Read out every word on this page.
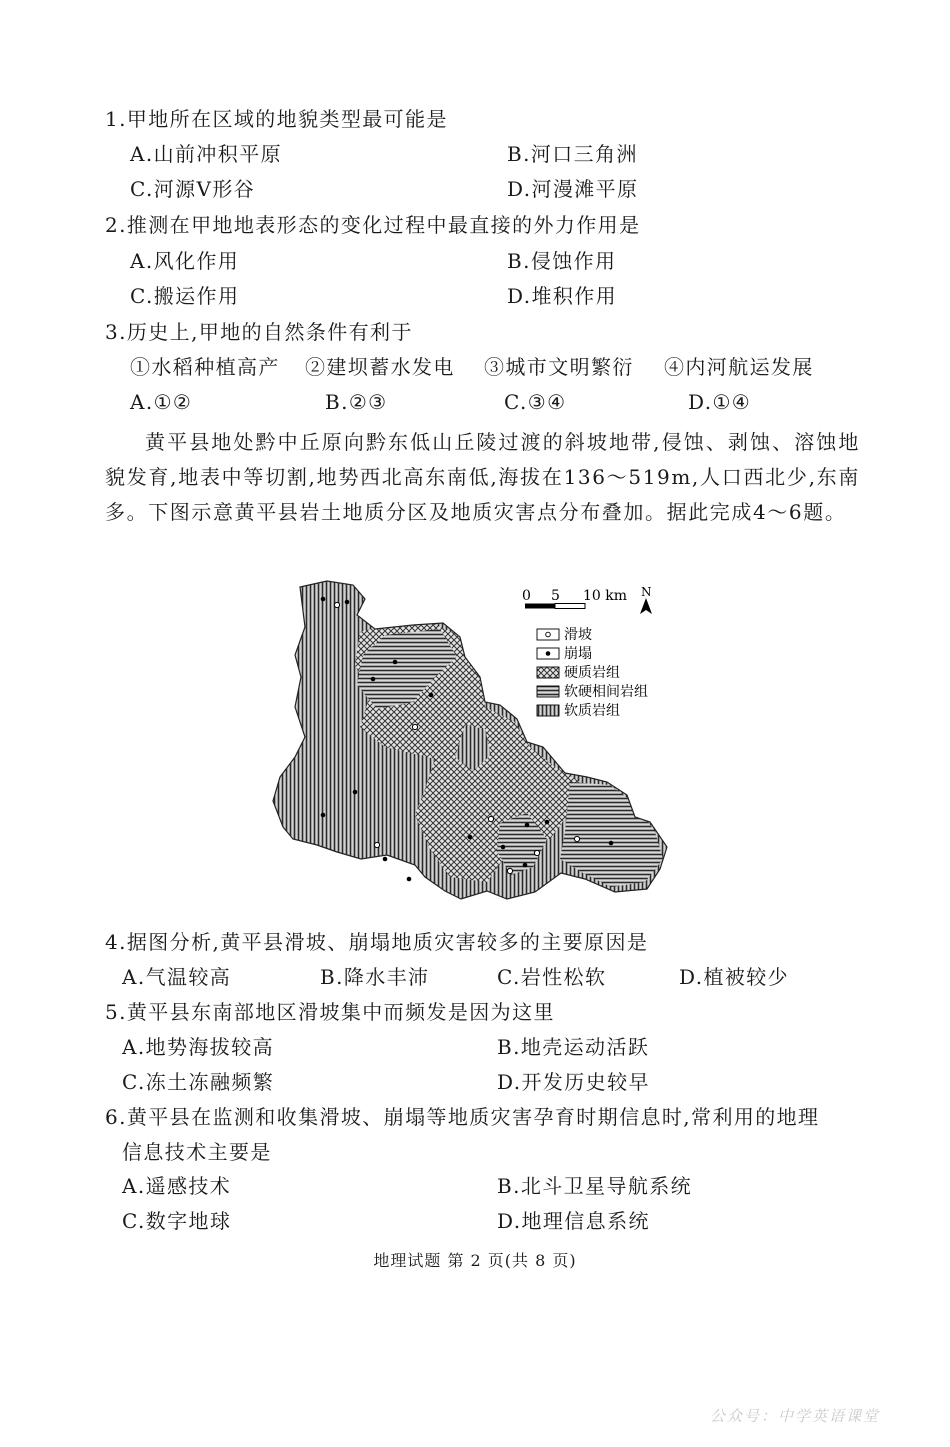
1.甲地所在区域的地貌类型最可能是
A.山前冲积平原	B.河口三角洲
C.河源V形谷	D.河漫滩平原
2.推测在甲地地表形态的变化过程中最直接的外力作用是
A.风化作用	B.侵蚀作用
C.搬运作用	D.堆积作用
3.历史上,甲地的自然条件有利于
①水稻种植高产 ②建坝蓄水发电 ③城市文明繁衍 ④内河航运发展
A.①②	B.②③	C.③④	D.①④
黄平县地处黔中丘原向黔东低山丘陵过渡的斜坡地带,侵蚀、剥蚀、溶蚀地貌发育,地表中等切割,地势西北高东南低,海拔在136～519m,人口西北少,东南多。下图示意黄平县岩土地质分区及地质灾害点分布叠加。据此完成4～6题。
0 5 10 km N
滑坡
崩塌
硬质岩组
软硬相间岩组
软质岩组
4.据图分析,黄平县滑坡、崩塌地质灾害较多的主要原因是
A.气温较高	B.降水丰沛	C.岩性松软	D.植被较少
5.黄平县东南部地区滑坡集中而频发是因为这里
A.地势海拔较高	B.地壳运动活跃
C.冻土冻融频繁	D.开发历史较早
6.黄平县在监测和收集滑坡、崩塌等地质灾害孕育时期信息时,常利用的地理
信息技术主要是
A.遥感技术	B.北斗卫星导航系统
C.数字地球	D.地理信息系统
地理试题 第 2 页(共 8 页)
公众号：中学英语课堂
